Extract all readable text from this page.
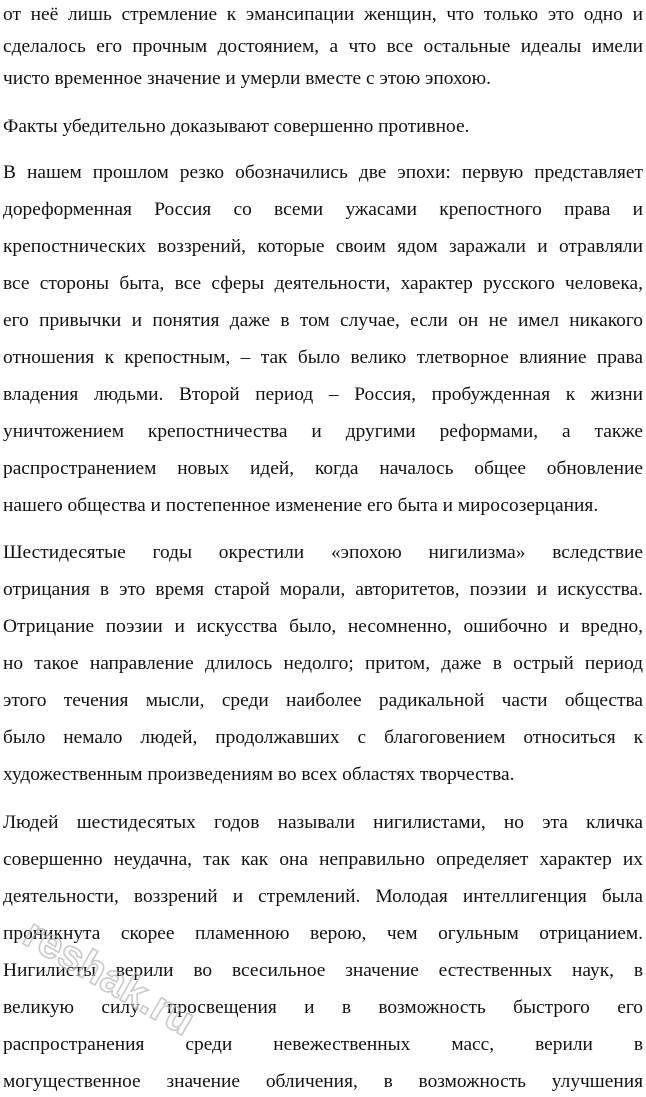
от неё лишь стремление к эмансипации женщин, что только это одно и
сделалось его прочным достоянием, а что все остальные идеалы имели
чисто временное значение и умерли вместе с этою эпохою.
Факты убедительно доказывают совершенно противное.
В нашем прошлом резко обозначились две эпохи: первую представляет
дореформенная Россия со всеми ужасами крепостного права и
крепостнических воззрений, которые своим ядом заражали и отравляли
все стороны быта, все сферы деятельности, характер русского человека,
его привычки и понятия даже в том случае, если он не имел никакого
отношения к крепостным, – так было велико тлетворное влияние права
владения людьми. Второй период – Россия, пробужденная к жизни
уничтожением крепостничества и другими реформами, а также
распространением новых идей, когда началось общее обновление
нашего общества и постепенное изменение его быта и миросозерцания.
Шестидесятые годы окрестили «эпохою нигилизма» вследствие
отрицания в это время старой морали, авторитетов, поэзии и искусства.
Отрицание поэзии и искусства было, несомненно, ошибочно и вредно,
но такое направление длилось недолго; притом, даже в острый период
этого течения мысли, среди наиболее радикальной части общества
было немало людей, продолжавших с благоговением относиться к
художественным произведениям во всех областях творчества.
Людей шестидесятых годов называли нигилистами, но эта кличка
совершенно неудачна, так как она неправильно определяет характер их
деятельности, воззрений и стремлений. Молодая интеллигенция была
проникнута скорее пламенною верою, чем огульным отрицанием.
Нигилисты верили во всесильное значение естественных наук, в
великую силу просвещения и в возможность быстрого его
распространения среди невежественных масс, верили в
могущественное значение обличения, в возможность улучшения
reshak.ru
